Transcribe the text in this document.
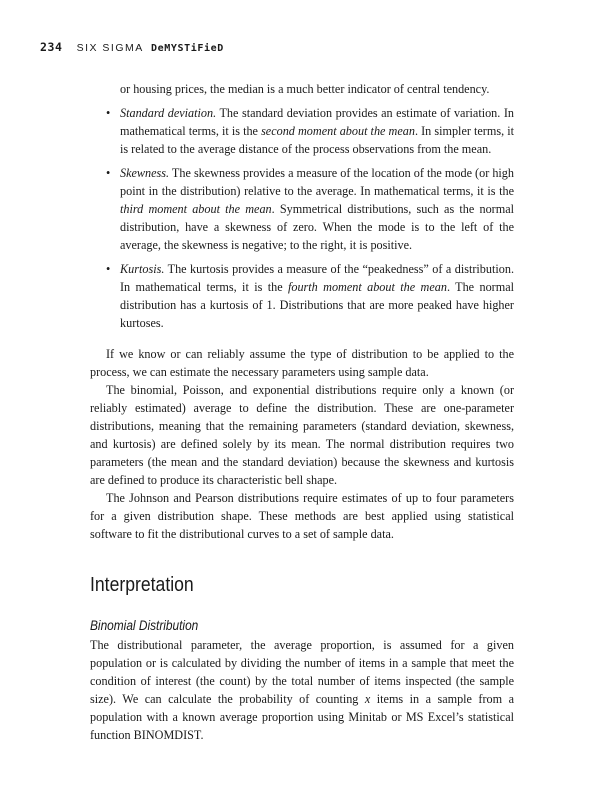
234 SIX SIGMA DeMYSTiFieD
or housing prices, the median is a much better indicator of central tendency.
• Standard deviation. The standard deviation provides an estimate of variation. In mathematical terms, it is the second moment about the mean. In simpler terms, it is related to the average distance of the process observations from the mean.
• Skewness. The skewness provides a measure of the location of the mode (or high point in the distribution) relative to the average. In mathematical terms, it is the third moment about the mean. Symmetrical distributions, such as the normal distribution, have a skewness of zero. When the mode is to the left of the average, the skewness is negative; to the right, it is positive.
• Kurtosis. The kurtosis provides a measure of the “peakedness” of a distribution. In mathematical terms, it is the fourth moment about the mean. The normal distribution has a kurtosis of 1. Distributions that are more peaked have higher kurtoses.

If we know or can reliably assume the type of distribution to be applied to the process, we can estimate the necessary parameters using sample data.

The binomial, Poisson, and exponential distributions require only a known (or reliably estimated) average to define the distribution. These are one-parameter distributions, meaning that the remaining parameters (standard deviation, skewness, and kurtosis) are defined solely by its mean. The normal distribution requires two parameters (the mean and the standard deviation) because the skewness and kurtosis are defined to produce its characteristic bell shape.

The Johnson and Pearson distributions require estimates of up to four parameters for a given distribution shape. These methods are best applied using statistical software to fit the distributional curves to a set of sample data.

Interpretation
Binomial Distribution

The distributional parameter, the average proportion, is assumed for a given population or is calculated by dividing the number of items in a sample that meet the condition of interest (the count) by the total number of items inspected (the sample size). We can calculate the probability of counting x items in a sample from a population with a known average proportion using Minitab or MS Excel’s statistical function BINOMDIST.
